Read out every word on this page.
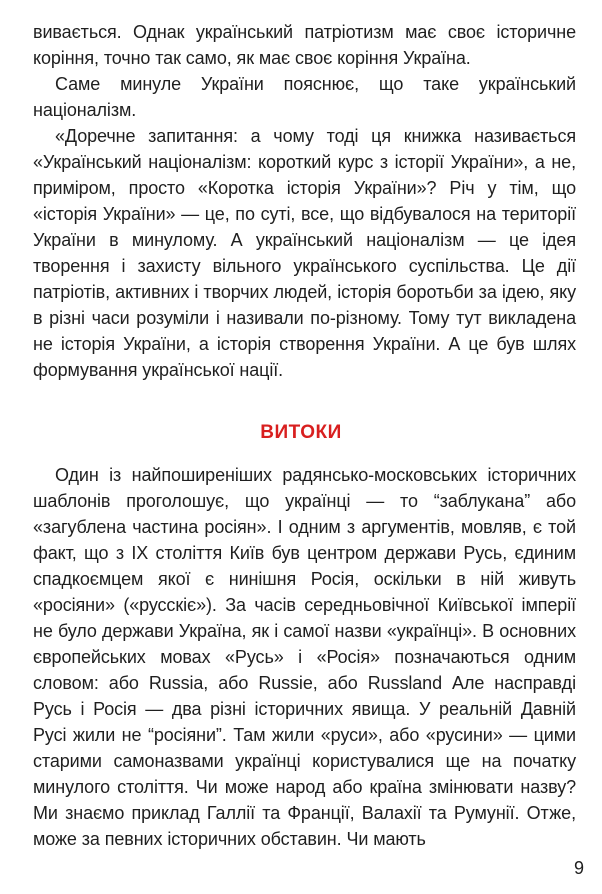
вивається. Однак український патріотизм має своє історичне коріння, точно так само, як має своє коріння Україна.

Саме минуле України пояснює, що таке український націоналізм.

«Доречне запитання: а чому тоді ця книжка називається «Український націоналізм: короткий курс з історії України», а не, приміром, просто «Коротка історія України»? Річ у тім, що «історія України» — це, по суті, все, що відбувалося на території України в минулому. А український націоналізм — це ідея творення і захисту вільного українського суспільства. Це дії патріотів, активних і творчих людей, історія боротьби за ідею, яку в різні часи розуміли і називали по-різному. Тому тут викладена не історія України, а історія створення України. А це був шлях формування української нації.

ВИТОКИ

Один із найпоширеніших радянсько-московських історичних шаблонів проголошує, що українці — то “заблукана” або «загублена частина росіян». І одним з аргументів, мовляв, є той факт, що з IX століття Київ був центром держави Русь, єдиним спадкоємцем якої є нинішня Росія, оскільки в ній живуть «росіяни» («русскіє»). За часів середньовічної Київської імперії не було держави Україна, як і самої назви «українці». В основних європейських мовах «Русь» і «Росія» позначаються одним словом: або Russia, або Russie, або Russland Але насправді Русь і Росія — два різні історичних явища. У реальній Давній Русі жили не “росіяни”. Там жили «руси», або «русини» — цими старими самоназвами українці користувалися ще на початку минулого століття. Чи може народ або країна змінювати назву? Ми знаємо приклад Галлії та Франції, Валахії та Румунії. Отже, може за певних історичних обставин. Чи мають

9
